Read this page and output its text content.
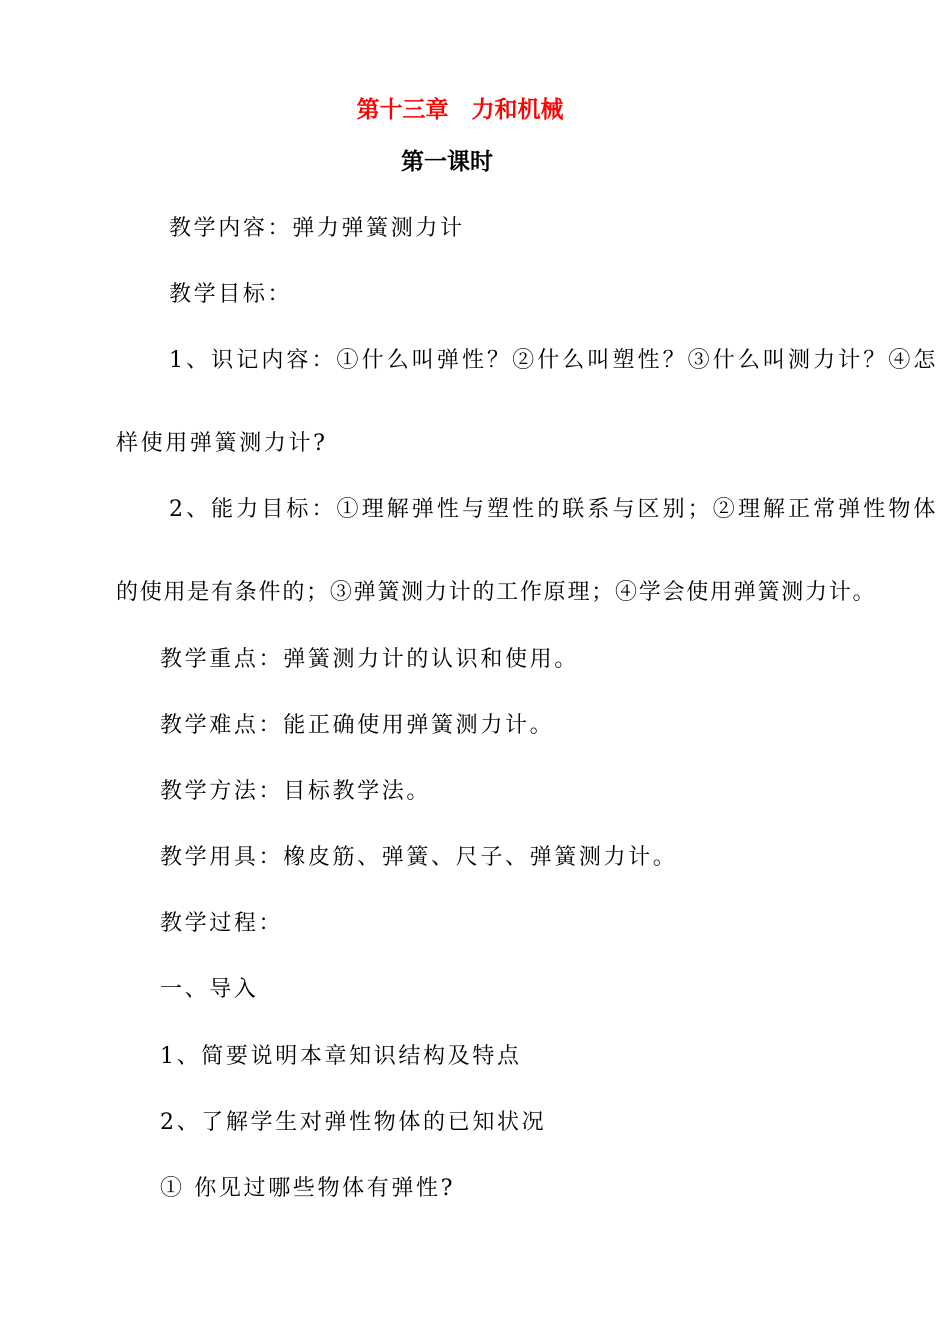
第十三章　力和机械
第一课时
教学内容：弹力弹簧测力计
教学目标：
1、识记内容：①什么叫弹性？②什么叫塑性？③什么叫测力计？④怎
样使用弹簧测力计?
2、能力目标：①理解弹性与塑性的联系与区别；②理解正常弹性物体
的使用是有条件的；③弹簧测力计的工作原理；④学会使用弹簧测力计。
教学重点：弹簧测力计的认识和使用。
教学难点：能正确使用弹簧测力计。
教学方法：目标教学法。
教学用具：橡皮筋、弹簧、尺子、弹簧测力计。
教学过程：
一、导入
1、简要说明本章知识结构及特点
2、了解学生对弹性物体的已知状况
① 你见过哪些物体有弹性?
